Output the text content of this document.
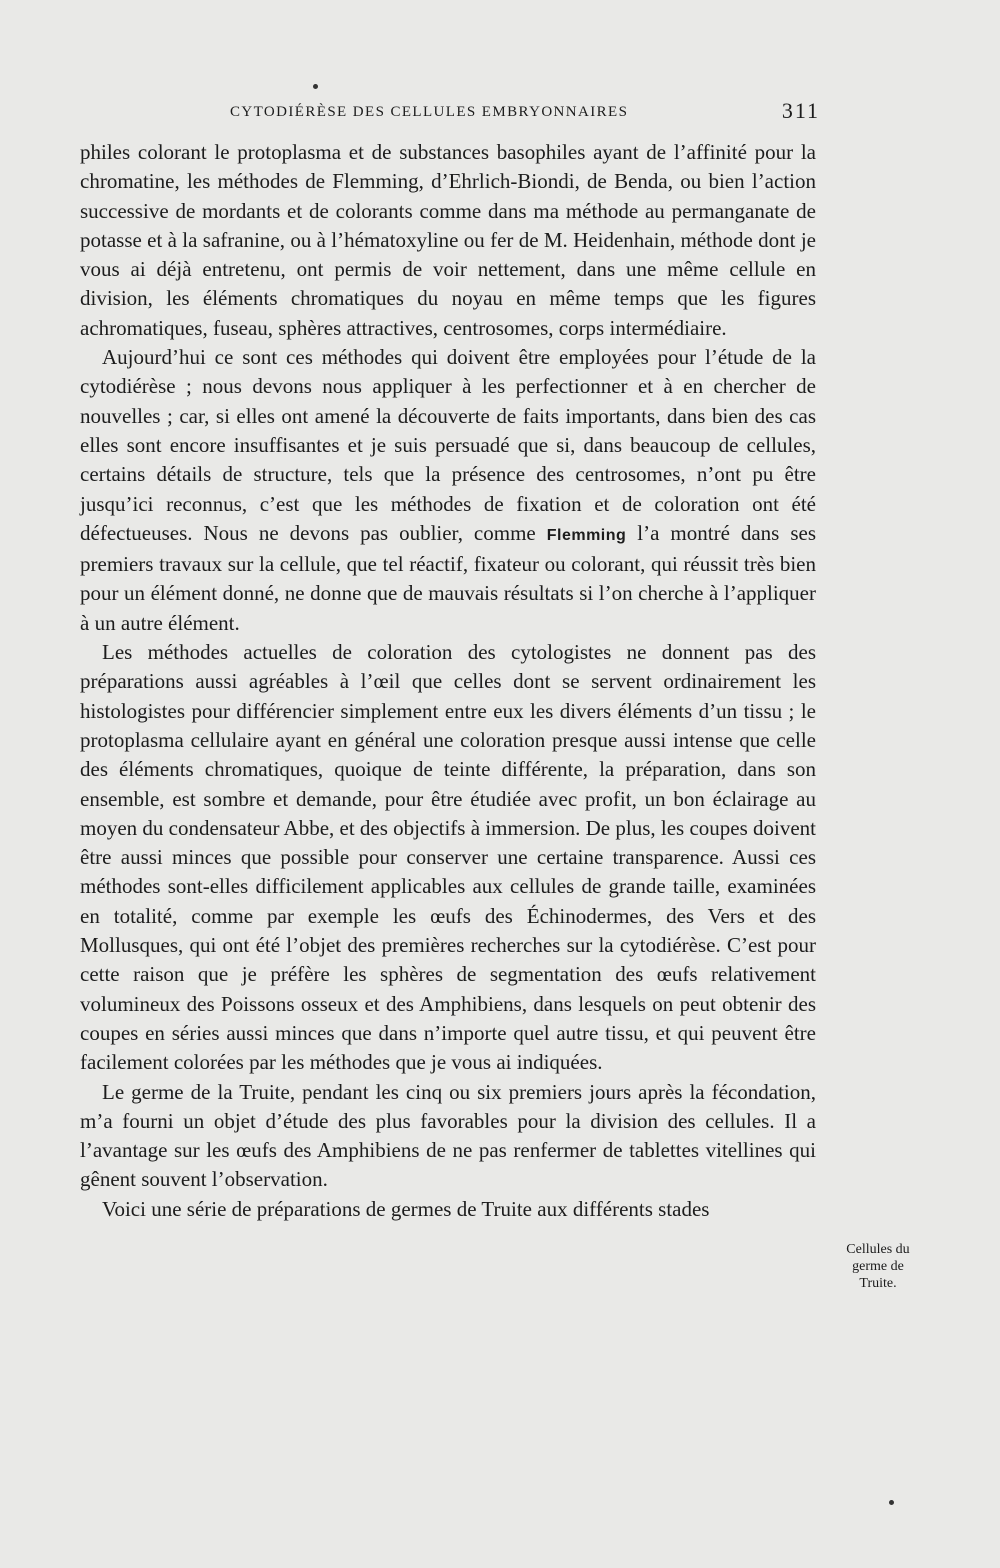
CYTODIÉRÈSE DES CELLULES EMBRYONNAIRES	311

philes colorant le protoplasma et de substances basophiles ayant de l’affinité pour la chromatine, les méthodes de Flemming, d’Ehrlich-Biondi, de Benda, ou bien l’action successive de mordants et de colorants comme dans ma méthode au permanganate de potasse et à la safranine, ou à l’hématoxyline ou fer de M. Heidenhain, méthode dont je vous ai déjà entretenu, ont permis de voir nettement, dans une même cellule en division, les éléments chromatiques du noyau en même temps que les figures achromatiques, fuseau, sphères attractives, centrosomes, corps intermédiaire.

Aujourd’hui ce sont ces méthodes qui doivent être employées pour l’étude de la cytodiérèse ; nous devons nous appliquer à les perfectionner et à en chercher de nouvelles ; car, si elles ont amené la découverte de faits importants, dans bien des cas elles sont encore insuffisantes et je suis persuadé que si, dans beaucoup de cellules, certains détails de structure, tels que la présence des centrosomes, n’ont pu être jusqu’ici reconnus, c’est que les méthodes de fixation et de coloration ont été défectueuses. Nous ne devons pas oublier, comme Flemming l’a montré dans ses premiers travaux sur la cellule, que tel réactif, fixateur ou colorant, qui réussit très bien pour un élément donné, ne donne que de mauvais résultats si l’on cherche à l’appliquer à un autre élément.

Les méthodes actuelles de coloration des cytologistes ne donnent pas des préparations aussi agréables à l’œil que celles dont se servent ordinairement les histologistes pour différencier simplement entre eux les divers éléments d’un tissu ; le protoplasma cellulaire ayant en général une coloration presque aussi intense que celle des éléments chromatiques, quoique de teinte différente, la préparation, dans son ensemble, est sombre et demande, pour être étudiée avec profit, un bon éclairage au moyen du condensateur Abbe, et des objectifs à immersion. De plus, les coupes doivent être aussi minces que possible pour conserver une certaine transparence. Aussi ces méthodes sont-elles difficilement applicables aux cellules de grande taille, examinées en totalité, comme par exemple les œufs des Échinodermes, des Vers et des Mollusques, qui ont été l’objet des premières recherches sur la cytodiérèse. C’est pour cette raison que je préfère les sphères de segmentation des œufs relativement volumineux des Poissons osseux et des Amphibiens, dans lesquels on peut obtenir des coupes en séries aussi minces que dans n’importe quel autre tissu, et qui peuvent être facilement colorées par les méthodes que je vous ai indiquées.

Le germe de la Truite, pendant les cinq ou six premiers jours après la fécondation, m’a fourni un objet d’étude des plus favorables pour la division des cellules. Il a l’avantage sur les œufs des Amphibiens de ne pas renfermer de tablettes vitellines qui gênent souvent l’observation.

Voici une série de préparations de germes de Truite aux différents stades

Cellules du
germe de
Truite.
